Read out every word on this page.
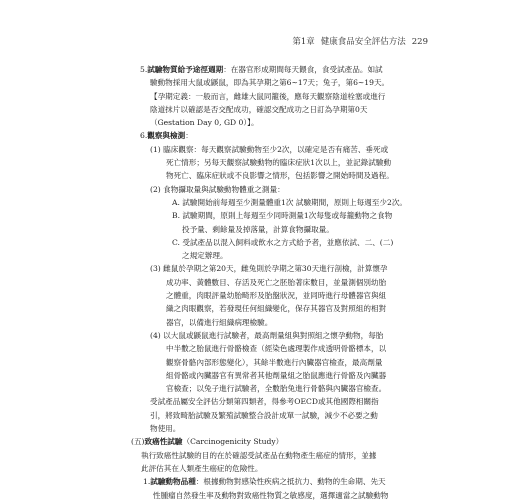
第1章 健康食品安全評估方法 229
5.試驗物質給予途徑週期：在器官形成期間每天餵食，食受試產品。如試
驗動物採用大鼠或鼷鼠，即為其孕期之第6∼17天；兔子，第6∼19天。
【孕期定義：一般而言，雌雄大鼠同籠後，應每天觀察陰道栓塞或進行
陰道抹片以確認是否交配成功，確認交配成功之日訂為孕期第0天
（Gestation Day 0, GD 0）】。
6.觀察與檢測：
(1) 臨床觀察：每天觀察試驗動物至少2次，以確定是否有痛苦、垂死或
死亡情形；另每天觀察試驗動物的臨床症狀1次以上，並記錄試驗動
物死亡、臨床症狀或不良影響之情形，包括影響之開始時間及過程。
(2) 食物攝取量與試驗動物體重之測量：
A. 試驗開始前每週至少測量體重1次 試驗期間，原則上每週至少2次。
B. 試驗期間，原則上每週至少同時測量1次每隻或每籠動物之食物
投予量、剩餘量及掉落量，計算食物攝取量。
C. 受試產品以混入飼料或飲水之方式給予者，並應依試、二、(二)
之規定辦理。
(3) 雌鼠於孕期之第20天，雌兔則於孕期之第30天進行剖檢，計算懷孕
成功率、黃體數目、存活及死亡之胚胎著床數目，並量測個別幼胎
之體重，肉眼評量幼胎畸形及胎盤狀況，並同時進行母體器官與組
織之肉眼觀察，若發現任何組織變化，保存其器官及對照組的相對
器官，以備進行組織病理檢驗。
(4) 以大鼠或鼷鼠進行試驗者，最高劑量組與對照組之懷孕動物，每胎
中半數之胎鼠進行骨骼檢查（經染色處理製作成透明骨骼標本，以
觀察骨骼內部形態變化），其餘半數進行內臟器官檢查，最高劑量
組骨骼或內臟器官有異常者其他劑量組之胎鼠應進行骨骼及內臟器
官檢查；以兔子進行試驗者，全數胎兔進行骨骼與內臟器官檢查。
受試產品屬安全評估分類第四類者，得參考OECD或其他國際相關指
引，將致畸胎試驗及繁殖試驗整合設計成單一試驗，減少不必要之動
物使用。
(五)致癌性試驗（Carcinogenicity Study）
執行致癌性試驗的目的在於確認受試產品在動物產生癌症的情形，並據
此評估其在人類產生癌症的危險性。
1.試驗動物品種：根據動物對感染性疾病之抵抗力、動物的生命期、先天
性腫瘤自然發生率及動物對致癌性物質之敏感度，選擇適當之試驗動物
